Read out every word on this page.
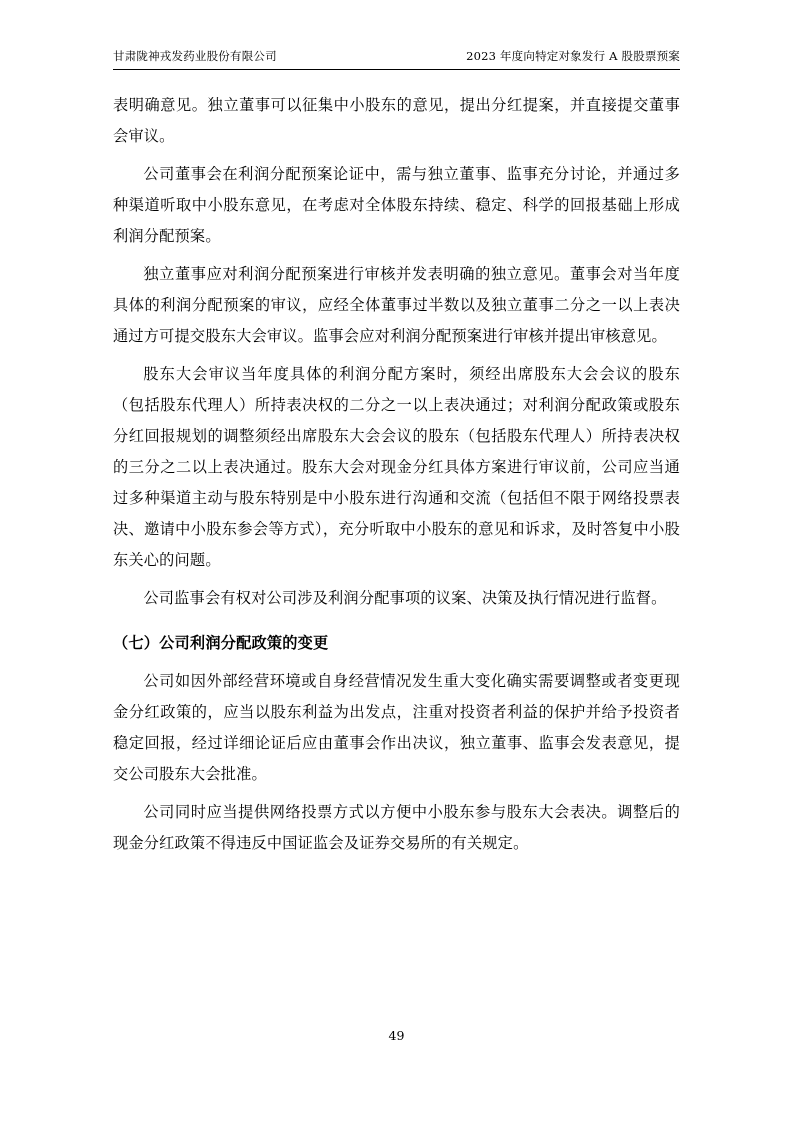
甘肃陇神戎发药业股份有限公司	2023 年度向特定对象发行 A 股股票预案

表明确意见。独立董事可以征集中小股东的意见，提出分红提案，并直接提交董事会审议。

公司董事会在利润分配预案论证中，需与独立董事、监事充分讨论，并通过多种渠道听取中小股东意见，在考虑对全体股东持续、稳定、科学的回报基础上形成利润分配预案。

独立董事应对利润分配预案进行审核并发表明确的独立意见。董事会对当年度具体的利润分配预案的审议，应经全体董事过半数以及独立董事二分之一以上表决通过方可提交股东大会审议。监事会应对利润分配预案进行审核并提出审核意见。

股东大会审议当年度具体的利润分配方案时，须经出席股东大会会议的股东（包括股东代理人）所持表决权的二分之一以上表决通过；对利润分配政策或股东分红回报规划的调整须经出席股东大会会议的股东（包括股东代理人）所持表决权的三分之二以上表决通过。股东大会对现金分红具体方案进行审议前，公司应当通过多种渠道主动与股东特别是中小股东进行沟通和交流（包括但不限于网络投票表决、邀请中小股东参会等方式），充分听取中小股东的意见和诉求，及时答复中小股东关心的问题。

公司监事会有权对公司涉及利润分配事项的议案、决策及执行情况进行监督。

（七）公司利润分配政策的变更

公司如因外部经营环境或自身经营情况发生重大变化确实需要调整或者变更现金分红政策的，应当以股东利益为出发点，注重对投资者利益的保护并给予投资者稳定回报，经过详细论证后应由董事会作出决议，独立董事、监事会发表意见，提交公司股东大会批准。

公司同时应当提供网络投票方式以方便中小股东参与股东大会表决。调整后的现金分红政策不得违反中国证监会及证券交易所的有关规定。

49
